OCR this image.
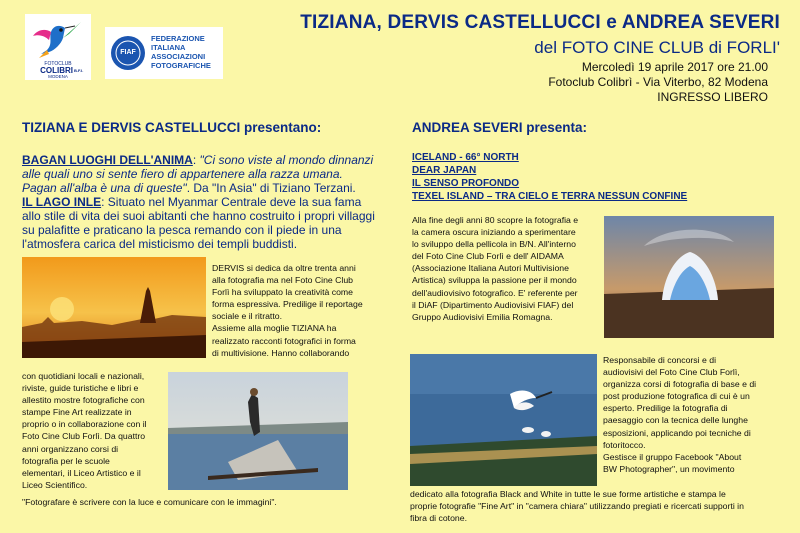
FOTOCLUB
COLIBRI B.F.I.
MODENA
FIAF
FEDERAZIONE
ITALIANA
ASSOCIAZIONI
FOTOGRAFICHE
TIZIANA, DERVIS CASTELLUCCI e ANDREA SEVERI
del FOTO CINE CLUB di FORLI'
Mercoledì 19 aprile 2017 ore 21.00
Fotoclub Colibrì - Via Viterbo, 82 Modena
INGRESSO LIBERO
TIZIANA E DERVIS CASTELLUCCI presentano:
BAGAN LUOGHI DELL'ANIMA: "Ci sono viste al mondo dinnanzi alle quali uno si sente fiero di appartenere alla razza umana. Pagan all'alba è una di queste". Da "In Asia" di Tiziano Terzani.
IL LAGO INLE: Situato nel Myanmar Centrale deve la sua fama allo stile di vita dei suoi abitanti che hanno costruito i propri villaggi su palafitte e praticano la pesca remando con il piede in una l'atmosfera carica del misticismo dei templi buddisti.
DERVIS si dedica da oltre trenta anni
alla fotografia ma nel Foto Cine Club
Forlì ha sviluppato la creatività come
forma espressiva. Predilige il reportage
sociale e il ritratto.
Assieme alla moglie TIZIANA ha
realizzato racconti fotografici in forma
di multivisione. Hanno collaborando
con quotidiani locali e nazionali,
riviste, guide turistiche e libri e
allestito mostre fotografiche con
stampe Fine Art realizzate in
proprio o in collaborazione con il
Foto Cine Club Forlì. Da quattro
anni organizzano corsi di
fotografia per le scuole
elementari, il Liceo Artistico e il
Liceo Scientifico.
"Fotografare è scrivere con la luce e comunicare con le immagini".
ANDREA SEVERI presenta:
ICELAND - 66° NORTH
DEAR JAPAN
IL SENSO PROFONDO
TEXEL ISLAND – TRA CIELO E TERRA NESSUN CONFINE
Alla fine degli anni 80 scopre la fotografia e
la camera oscura iniziando a sperimentare
lo sviluppo della pellicola in B/N. All'interno
del Foto Cine Club Forlì e dell' AIDAMA
(Associazione Italiana Autori Multivisione
Artistica) sviluppa la passione per il mondo
dell'audiovisivo fotografico. E' referente per
il DiAF (Dipartimento Audiovisivi FIAF) del
Gruppo Audiovisivi Emilia Romagna.
Responsabile di concorsi e di
audiovisivi del Foto Cine Club Forlì,
organizza corsi di fotografia di base e di
post produzione fotografica di cui è un
esperto. Predilige la fotografia di
paesaggio con la tecnica delle lunghe
esposizioni, applicando poi tecniche di
fotoritocco.
Gestisce il gruppo Facebook "About
BW Photographer", un movimento
dedicato alla fotografia Black and White in tutte le sue forme artistiche e stampa le
proprie fotografie "Fine Art" in "camera chiara" utilizzando pregiati e ricercati supporti in
fibra di cotone.
